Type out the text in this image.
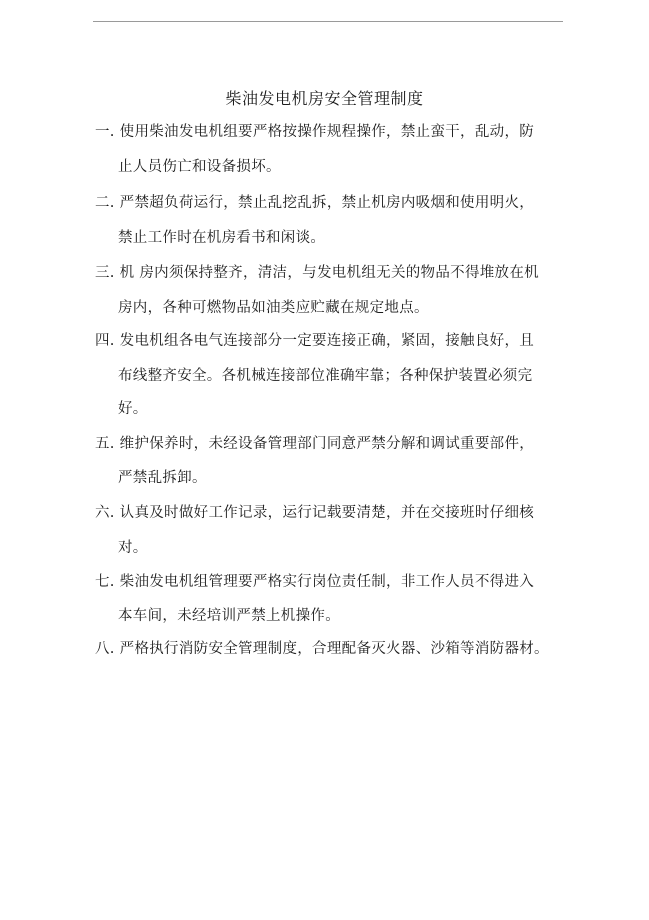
柴油发电机房安全管理制度
一. 使用柴油发电机组要严格按操作规程操作，禁止蛮干，乱动，防
止人员伤亡和设备损坏。
二. 严禁超负荷运行，禁止乱挖乱拆，禁止机房内吸烟和使用明火，
禁止工作时在机房看书和闲谈。
三. 机 房内须保持整齐，清洁，与发电机组无关的物品不得堆放在机
房内，各种可燃物品如油类应贮藏在规定地点。
四. 发电机组各电气连接部分一定要连接正确，紧固，接触良好，且
布线整齐安全。各机械连接部位准确牢靠；各种保护装置必须完
好。
五. 维护保养时，未经设备管理部门同意严禁分解和调试重要部件，
严禁乱拆卸。
六. 认真及时做好工作记录，运行记载要清楚，并在交接班时仔细核
对。
七. 柴油发电机组管理要严格实行岗位责任制，非工作人员不得进入
本车间，未经培训严禁上机操作。
八. 严格执行消防安全管理制度，合理配备灭火器、沙箱等消防器材。
